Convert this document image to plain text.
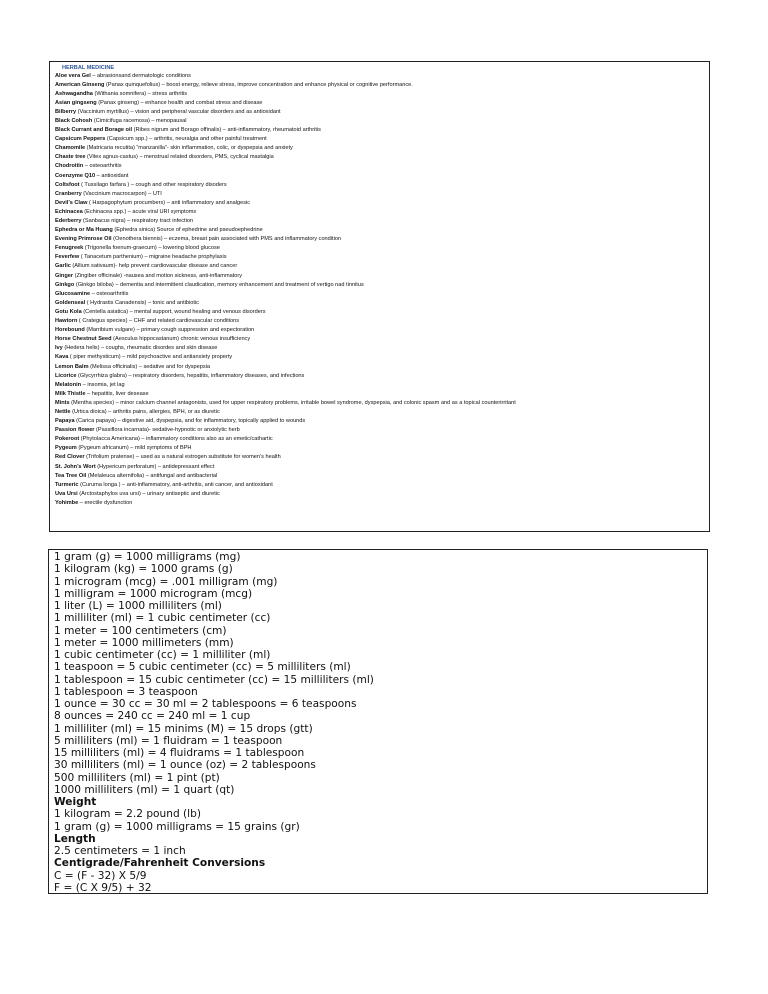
HERBAL MEDICINE
Aloe vera Gel – abrasionsand dermatologic conditions
American Ginseng (Panax quinquefolius) – boost energy, relieve stress, improve concentration and enhance physical or cognitive performance.
Ashwagandha (Withania somnifera) – stress arthritis
Asian gingseng (Panax ginseng) – enhance health and combat stress and disease
Bilberry (Vaccinium myrtillus) – vision and peripheral vascular disorders and as antioxidant
Black Cohosh (Cimicifuga racemosa) – menopausal
Black Currant and Borage oil (Ribes nigrum and Borago offinalis) – anti-inflammatory, rheumatoid arthritis
Capsicum Peppers (Capsicum spp.) – arthritis, neuralgia and other painful treatment
Chamomile (Matricaria recutita) “manzanilla”- skin inflammation, colic, or dyspepsia and anxiety
Chaste tree (Vitex agnus-castus) – menstrual related disorders, PMS, cyclical mastalgia
Chodroitin – osteoarthritis
Coenzyme Q10 – antioxidant
Coltsfoot ( Tussilago farfara ) – cough and other respiratory disoders
Cranberry (Vaccinium macrocarpon) – UTI
Devil’s Claw ( Harpagophytum procumbers) – anti inflammatory and analgesic
Echinacea (Echinacea spp.) – acute viral URI symptoms
Ederberry (Sanbacus nigra) – respiratory tract infection
Ephedra or Ma Huang (Ephedra sinica) Source of ephedrine and pseudoephedrine
Evening Primrose Oil (Oenothera biennis) – eczema, breast pain associated with PMS and inflammatory condition
Fenugreek (Trigonella foenum-graecum) – lowering blood glucose
Feverfew ( Tanacetum parthenium) – migraine headache prophylaxis
Garlic (Allium sativaum)- help prevent cardiovascular disease and cancer
Ginger (Zingiber officinale) -nausea and motion sickness, anti-inflammatory
Ginkgo (Ginkgo biloba) – dementia and intermittent claudication, memory enhancement and treatment of vertigo nad tinnitus
Glucosamine – osteoarthritis
Goldenseal ( Hydrastis Canadensis) – tonic and antibiotic
Gotu Kola (Centella asiatica) – mental support, wound healing and venous disorders
Hawtorn ( Crategus species) – CHF and related cardiovascular conditions
Horebound (Marribium vulgare) – primary cough suppression and expectoration
Horse Chestnut Seed (Aesculus hippocastanum) chronic venous insufficiency
Ivy (Hedera helix) – coughs, rheumatic disordes and skin disease
Kava ( piper methysticum) – mild psychoactive and antianxiety property
Lemon Balm (Melissa officinalis) – sedative and for dyspepsia
Licorice (Glycyrrhiza glabra) – respiratory disorders, hepatitis, inflammatory diseases, and infections
Melatonin – insomia, jet lag
Milk Thistle – hepatitis, liver desease
Mints (Mentha species) – minor calcium channel antagonists, used for upper respiratory problems, irritable bowel syndrome, dyspepsia, and colonic spasm and as a topical counterirritant
Nettle (Urtica dioica) – arthritis pains, allergies, BPH, or as diuretic
Papaya (Carica papaya) – digestive aid, dyspepsia, and for inflammatory, topically applied to wounds
Passion flower (Passiflora incarnata)- sedative-hypnotic or anxiolytic herb
Pokeroot (Phytolacca Americana) – inflammatory conditions also as an emetic/cathartic
Pygeum (Pygeum africanum) – mild symptoms of BPH
Red Clover (Trifolium pratense) – used as a natural estrogen substitute for women’s health
St. John’s Wort (Hypericum perforatum) – antidepressant effect
Tea Tree Oil (Melaleuca alternifolia) – antifungal and antibacterial
Turmeric (Curuma longa ) – anti-inflammatory, anti-arthritis, anti cancer, and antioxidant
Uva Ursi (Arctostaphylos uva ursi) – urinary antiseptic and diuretic
Yohimbe – erectile dysfunction
1 gram (g) = 1000 milligrams (mg)
1 kilogram (kg) = 1000 grams (g)
1 microgram (mcg) = .001 milligram (mg)
1 milligram = 1000 microgram (mcg)
1 liter (L) = 1000 milliliters (ml)
1 milliliter (ml) = 1 cubic centimeter (cc)
1 meter = 100 centimeters (cm)
1 meter = 1000 millimeters (mm)
1 cubic centimeter (cc) = 1 milliliter (ml)
1 teaspoon = 5 cubic centimeter (cc) = 5 milliliters (ml)
1 tablespoon = 15 cubic centimeter (cc) = 15 milliliters (ml)
1 tablespoon = 3 teaspoon
1 ounce = 30 cc = 30 ml = 2 tablespoons = 6 teaspoons
8 ounces = 240 cc = 240 ml = 1 cup
1 milliliter (ml) = 15 minims (M) = 15 drops (gtt)
5 milliliters (ml) = 1 fluidram = 1 teaspoon
15 milliliters (ml) = 4 fluidrams = 1 tablespoon
30 milliliters (ml) = 1 ounce (oz) = 2 tablespoons
500 milliliters (ml) = 1 pint (pt)
1000 milliliters (ml) = 1 quart (qt)
Weight
1 kilogram = 2.2 pound (lb)
1 gram (g) = 1000 milligrams = 15 grains (gr)
Length
2.5 centimeters = 1 inch
Centigrade/Fahrenheit Conversions
C = (F - 32) X 5/9
F = (C X 9/5) + 32
